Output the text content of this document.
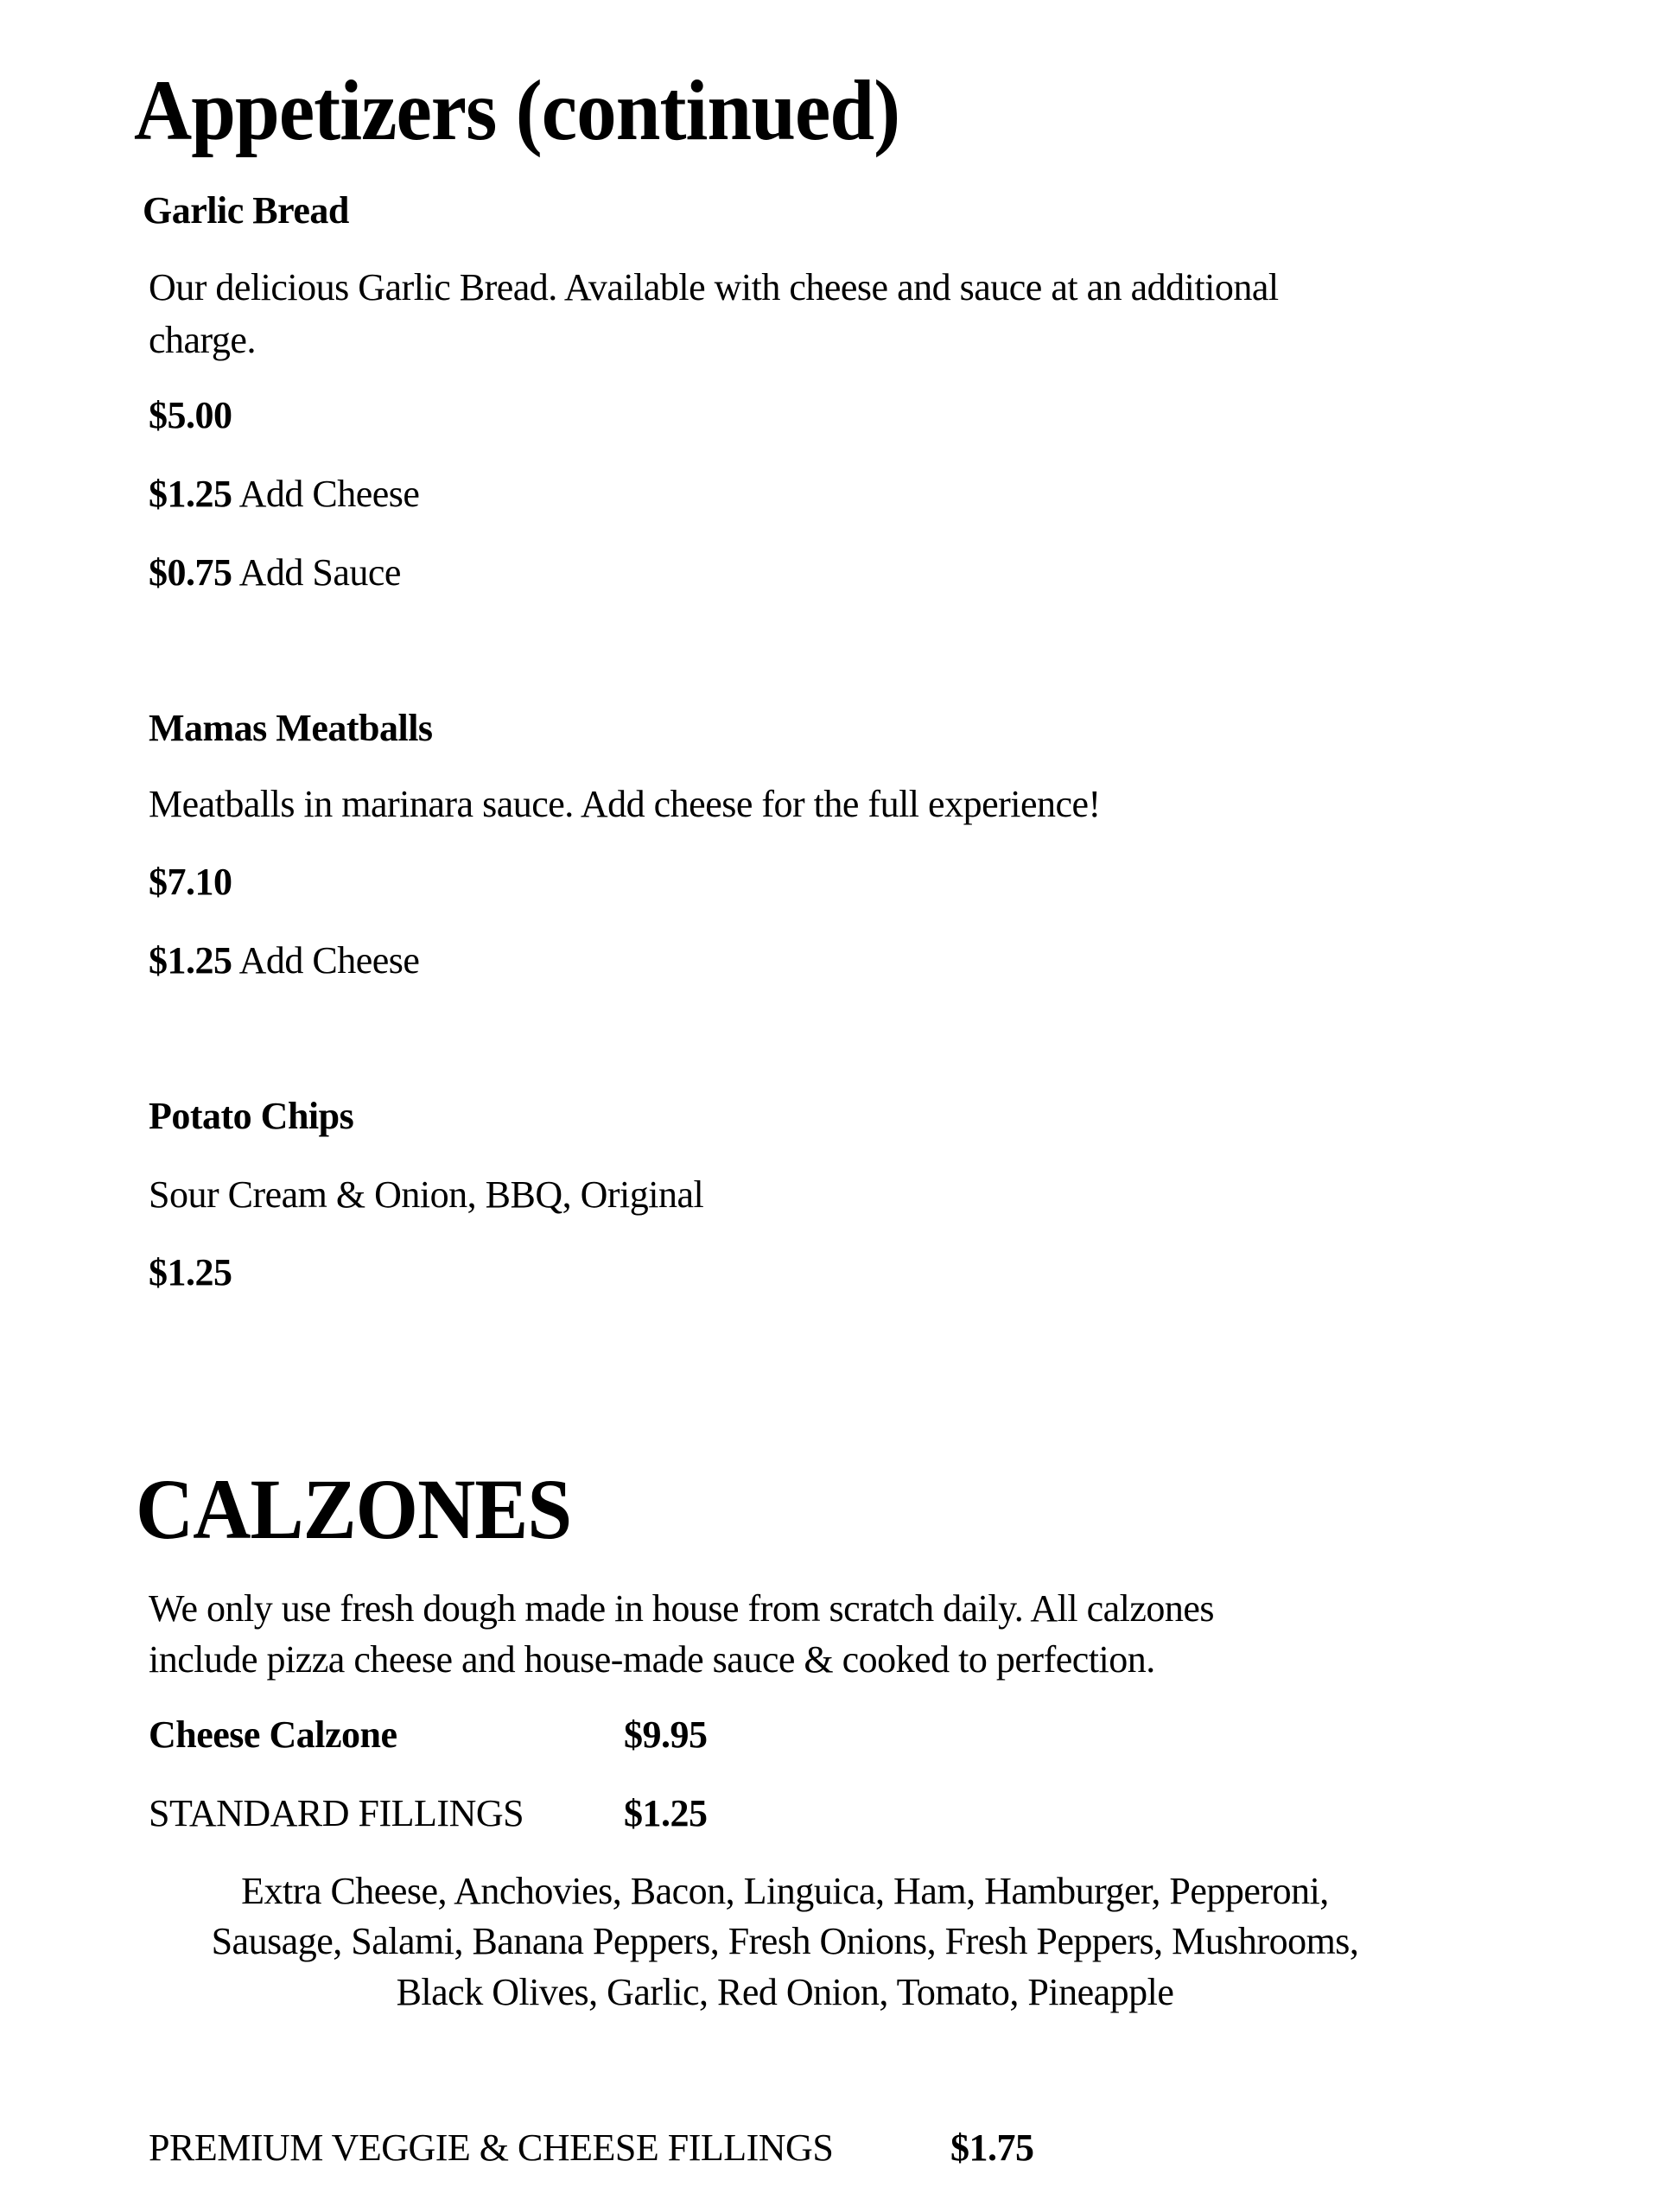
Appetizers (continued)
Garlic Bread
Our delicious Garlic Bread. Available with cheese and sauce at an additional
charge.
$5.00
$1.25 Add Cheese
$0.75 Add Sauce
Mamas Meatballs
Meatballs in marinara sauce. Add cheese for the full experience!
$7.10
$1.25 Add Cheese
Potato Chips
Sour Cream & Onion, BBQ, Original
$1.25
CALZONES
We only use fresh dough made in house from scratch daily. All calzones
include pizza cheese and house-made sauce & cooked to perfection.
Cheese Calzone	$9.95
STANDARD FILLINGS	$1.25
Extra Cheese, Anchovies, Bacon, Linguica, Ham, Hamburger, Pepperoni,
Sausage, Salami, Banana Peppers, Fresh Onions, Fresh Peppers, Mushrooms,
Black Olives, Garlic, Red Onion, Tomato, Pineapple
PREMIUM VEGGIE & CHEESE FILLINGS	$1.75
